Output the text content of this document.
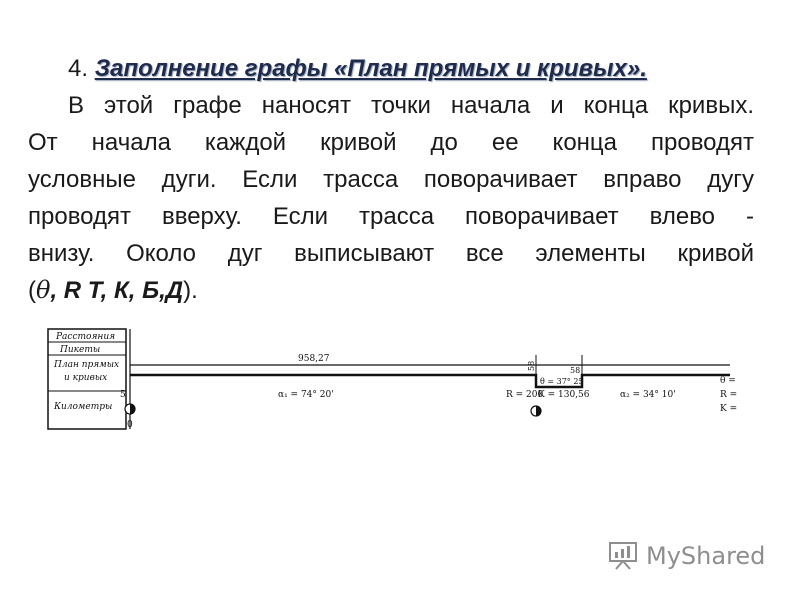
4. Заполнение графы «План прямых и кривых».
В этой графе наносят точки начала и конца кривых.
От начала каждой кривой до ее конца проводят
условные дуги. Если трасса поворачивает вправо дугу
проводят вверху. Если трасса поворачивает влево -
внизу. Около дуг выписывают все элементы кривой
(θ, R T, К, Б,Д).
Расстояния
Пикеты
План прямых
и кривых
Километры
958,27
58	58
θ = 37° 25
5	α₁ = 74° 20'	α₂ = 34° 10'
R = 200
K = 130,56
θ =
R =
K =
0
MyShared
